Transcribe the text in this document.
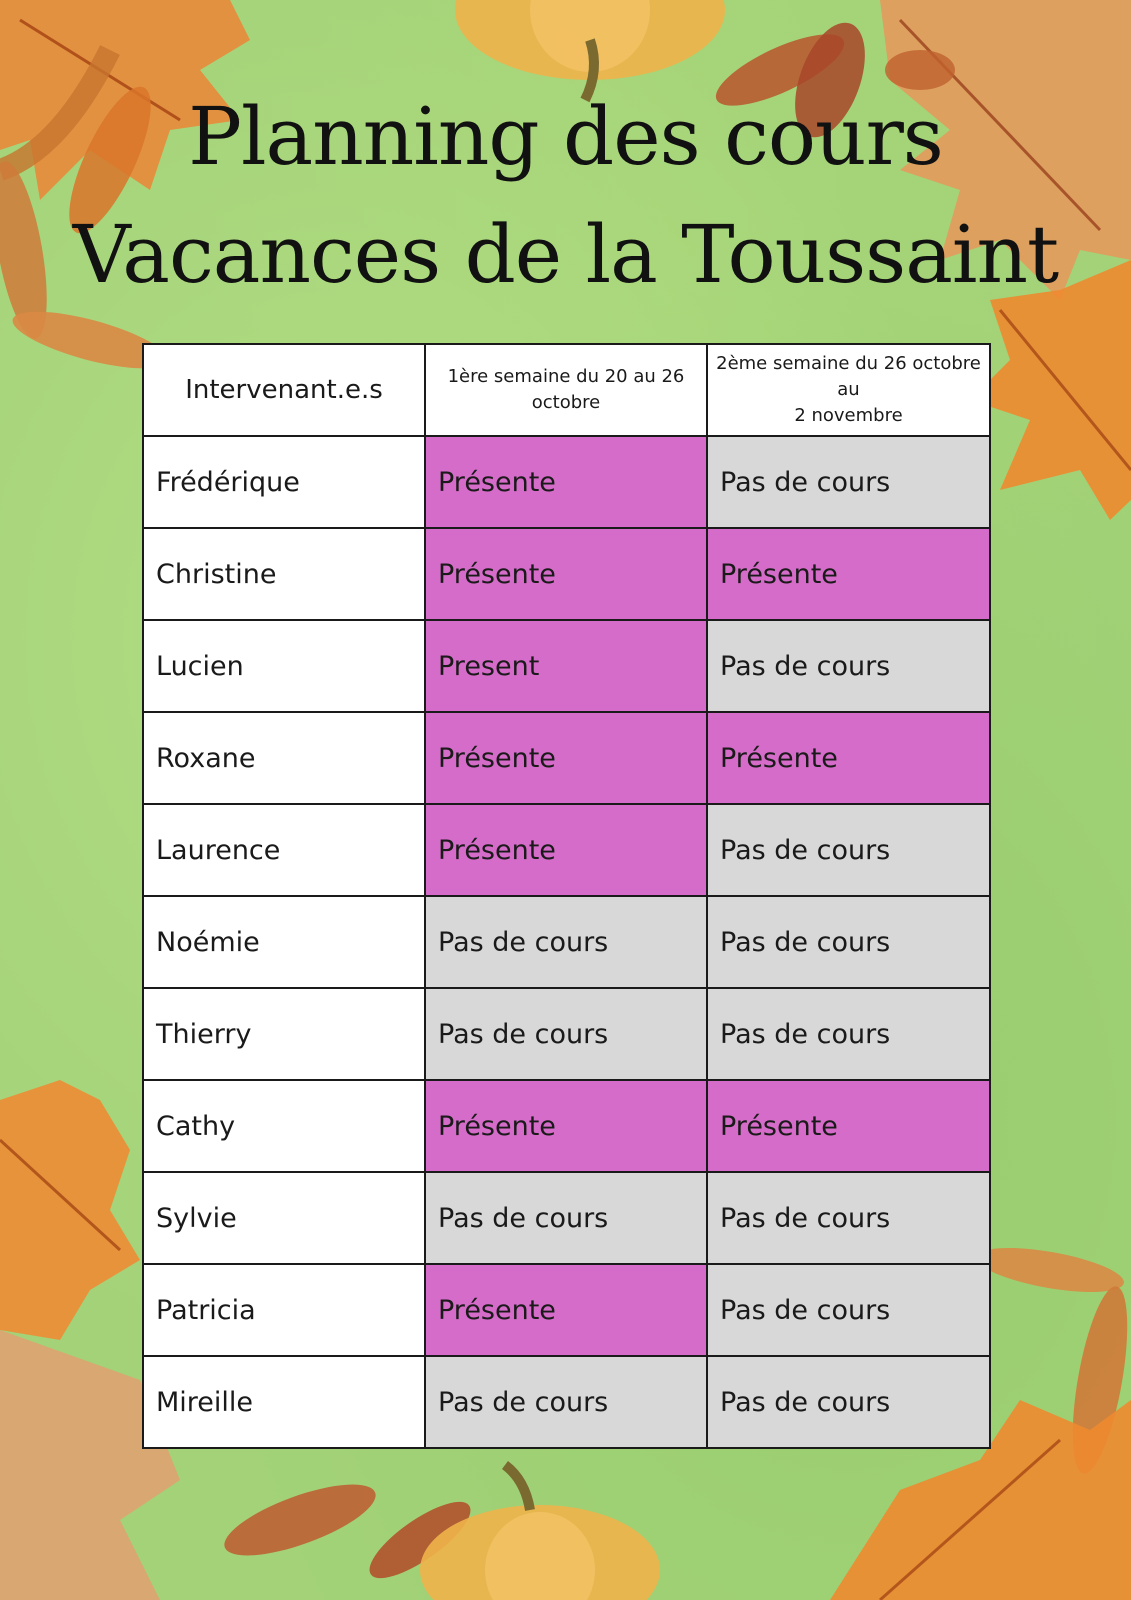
Planning des cours
Vacances de la Toussaint
Intervenant.e.s	1ère semaine du 20 au 26 octobre	2ème semaine du 26 octobre
au
2 novembre
Frédérique	Présente	Pas de cours
Christine	Présente	Présente
Lucien	Present	Pas de cours
Roxane	Présente	Présente
Laurence	Présente	Pas de cours
Noémie	Pas de cours	Pas de cours
Thierry	Pas de cours	Pas de cours
Cathy	Présente	Présente
Sylvie	Pas de cours	Pas de cours
Patricia	Présente	Pas de cours
Mireille	Pas de cours	Pas de cours
